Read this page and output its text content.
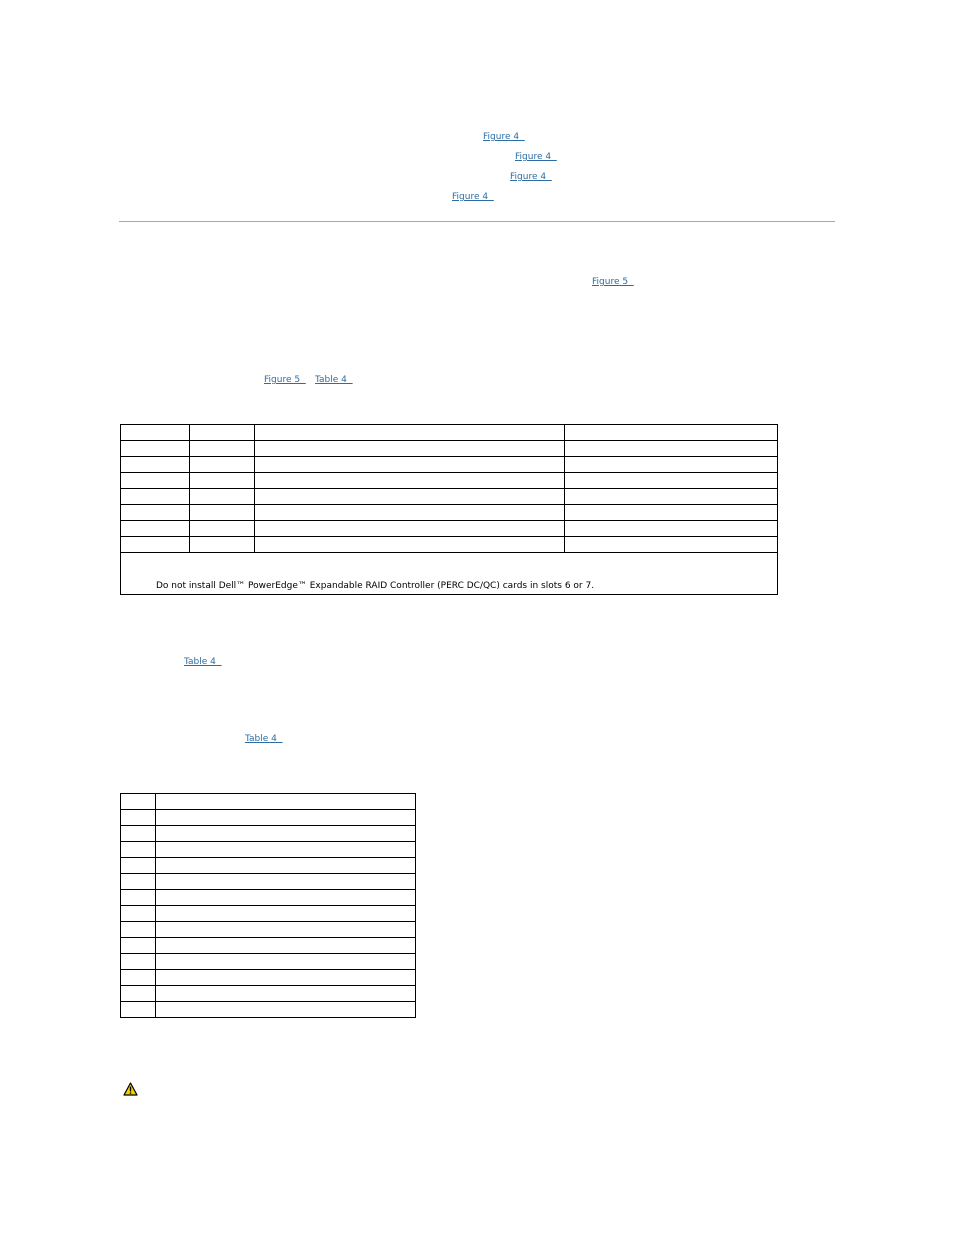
Figure 4
Figure 4
Figure 4
Figure 4
Figure 5
Figure 5 Table 4

Do not install Dell™ PowerEdge™ Expandable RAID Controller (PERC DC/QC) cards in slots 6 or 7.			
Table 4
Table 4
